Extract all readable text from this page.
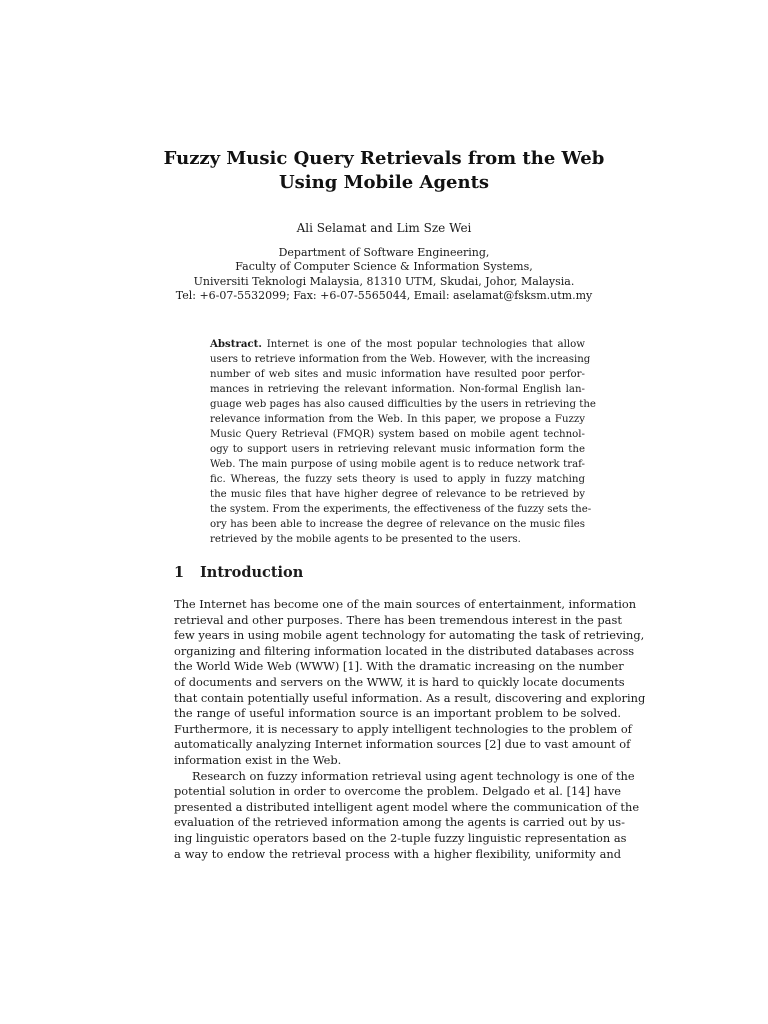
Fuzzy Music Query Retrievals from the Web
Using Mobile Agents
Ali Selamat and Lim Sze Wei
Department of Software Engineering,
Faculty of Computer Science & Information Systems,
Universiti Teknologi Malaysia, 81310 UTM, Skudai, Johor, Malaysia.
Tel: +6-07-5532099; Fax: +6-07-5565044, Email: aselamat@fsksm.utm.my
Abstract. Internet is one of the most popular technologies that allow
users to retrieve information from the Web. However, with the increasing
number of web sites and music information have resulted poor perfor-
mances in retrieving the relevant information. Non-formal English lan-
guage web pages has also caused difficulties by the users in retrieving the
relevance information from the Web. In this paper, we propose a Fuzzy
Music Query Retrieval (FMQR) system based on mobile agent technol-
ogy to support users in retrieving relevant music information form the
Web. The main purpose of using mobile agent is to reduce network traf-
fic. Whereas, the fuzzy sets theory is used to apply in fuzzy matching
the music files that have higher degree of relevance to be retrieved by
the system. From the experiments, the effectiveness of the fuzzy sets the-
ory has been able to increase the degree of relevance on the music files
retrieved by the mobile agents to be presented to the users.
1 Introduction
The Internet has become one of the main sources of entertainment, information
retrieval and other purposes. There has been tremendous interest in the past
few years in using mobile agent technology for automating the task of retrieving,
organizing and filtering information located in the distributed databases across
the World Wide Web (WWW) [1]. With the dramatic increasing on the number
of documents and servers on the WWW, it is hard to quickly locate documents
that contain potentially useful information. As a result, discovering and exploring
the range of useful information source is an important problem to be solved.
Furthermore, it is necessary to apply intelligent technologies to the problem of
automatically analyzing Internet information sources [2] due to vast amount of
information exist in the Web.
Research on fuzzy information retrieval using agent technology is one of the
potential solution in order to overcome the problem. Delgado et al. [14] have
presented a distributed intelligent agent model where the communication of the
evaluation of the retrieved information among the agents is carried out by us-
ing linguistic operators based on the 2-tuple fuzzy linguistic representation as
a way to endow the retrieval process with a higher flexibility, uniformity and
